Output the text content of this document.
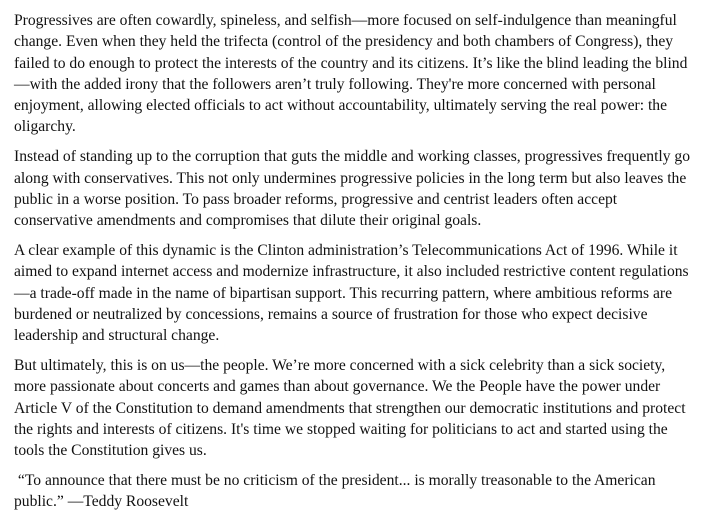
Progressives are often cowardly, spineless, and selfish—more focused on self-indulgence than meaningful change. Even when they held the trifecta (control of the presidency and both chambers of Congress), they failed to do enough to protect the interests of the country and its citizens. It’s like the blind leading the blind—with the added irony that the followers aren’t truly following. They're more concerned with personal enjoyment, allowing elected officials to act without accountability, ultimately serving the real power: the oligarchy.

Instead of standing up to the corruption that guts the middle and working classes, progressives frequently go along with conservatives. This not only undermines progressive policies in the long term but also leaves the public in a worse position. To pass broader reforms, progressive and centrist leaders often accept conservative amendments and compromises that dilute their original goals.

A clear example of this dynamic is the Clinton administration’s Telecommunications Act of 1996. While it aimed to expand internet access and modernize infrastructure, it also included restrictive content regulations—a trade-off made in the name of bipartisan support. This recurring pattern, where ambitious reforms are burdened or neutralized by concessions, remains a source of frustration for those who expect decisive leadership and structural change.

But ultimately, this is on us—the people. We’re more concerned with a sick celebrity than a sick society, more passionate about concerts and games than about governance. We the People have the power under Article V of the Constitution to demand amendments that strengthen our democratic institutions and protect the rights and interests of citizens. It's time we stopped waiting for politicians to act and started using the tools the Constitution gives us.

“To announce that there must be no criticism of the president... is morally treasonable to the American public.” —Teddy Roosevelt
